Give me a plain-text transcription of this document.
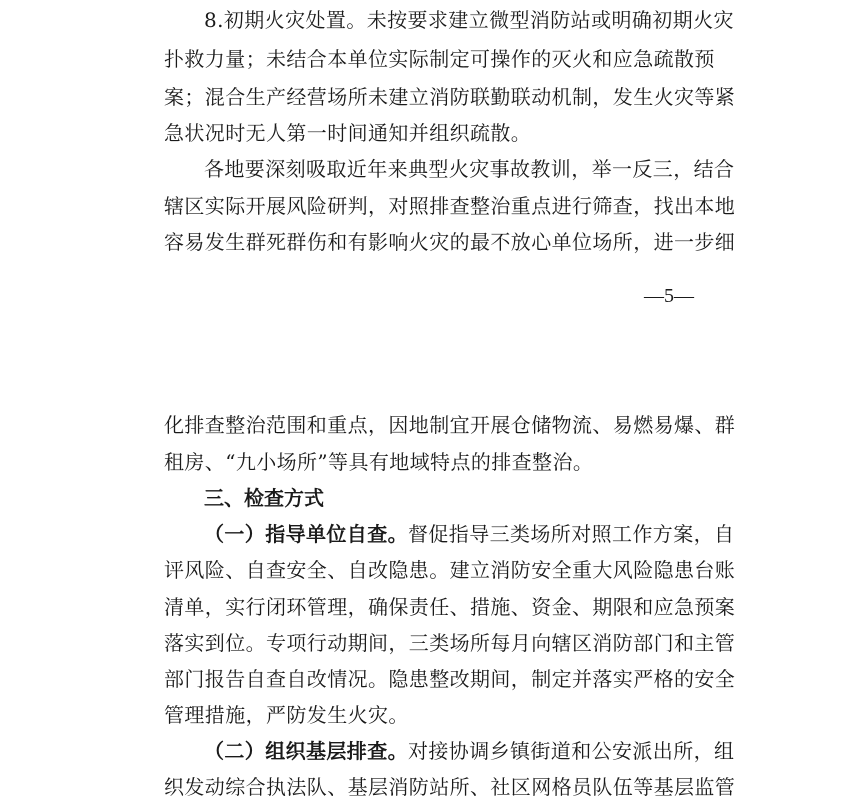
8.初期火灾处置。未按要求建立微型消防站或明确初期火灾
扑救力量；未结合本单位实际制定可操作的灭火和应急疏散预
案；混合生产经营场所未建立消防联勤联动机制，发生火灾等紧
急状况时无人第一时间通知并组织疏散。
各地要深刻吸取近年来典型火灾事故教训，举一反三，结合
辖区实际开展风险研判，对照排查整治重点进行筛查，找出本地
容易发生群死群伤和有影响火灾的最不放心单位场所，进一步细
—5—
化排查整治范围和重点，因地制宜开展仓储物流、易燃易爆、群
租房、“九小场所”等具有地域特点的排查整治。
三、检查方式
（一）指导单位自查。督促指导三类场所对照工作方案，自
评风险、自查安全、自改隐患。建立消防安全重大风险隐患台账
清单，实行闭环管理，确保责任、措施、资金、期限和应急预案
落实到位。专项行动期间，三类场所每月向辖区消防部门和主管
部门报告自查自改情况。隐患整改期间，制定并落实严格的安全
管理措施，严防发生火灾。
（二）组织基层排查。对接协调乡镇街道和公安派出所，组
织发动综合执法队、基层消防站所、社区网格员队伍等基层监管
